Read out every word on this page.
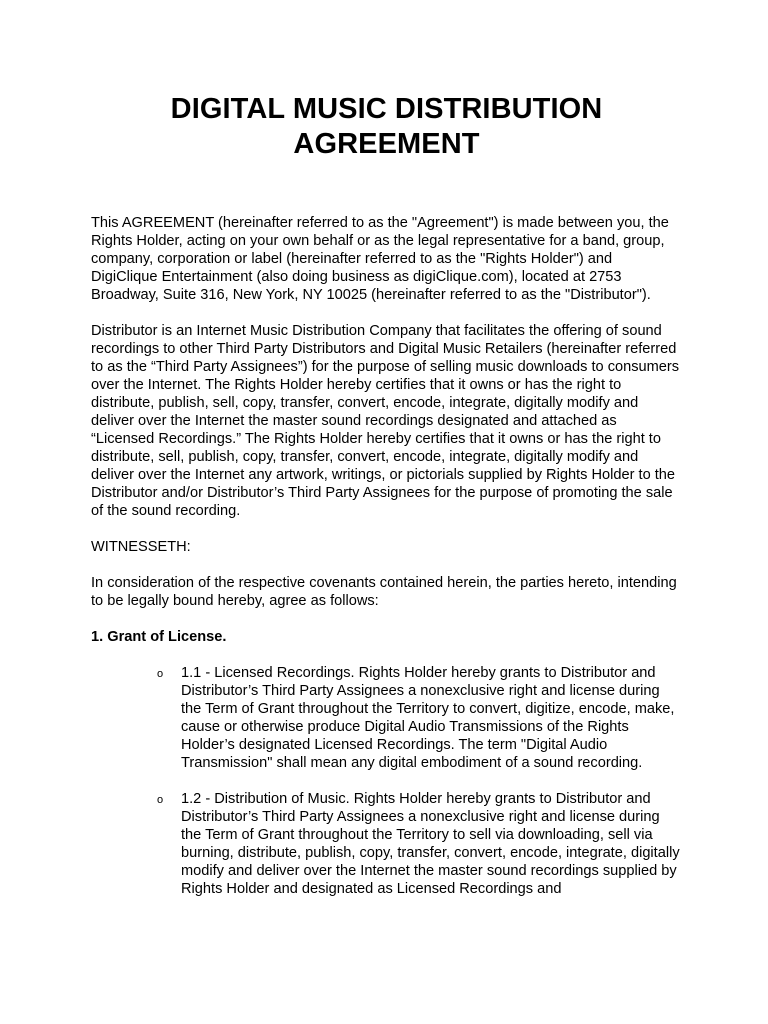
DIGITAL MUSIC DISTRIBUTION
AGREEMENT

This AGREEMENT (hereinafter referred to as the "Agreement") is made between you, the Rights Holder, acting on your own behalf or as the legal representative for a band, group, company, corporation or label (hereinafter referred to as the "Rights Holder") and DigiClique Entertainment (also doing business as digiClique.com), located at 2753 Broadway, Suite 316, New York, NY 10025 (hereinafter referred to as the "Distributor").

Distributor is an Internet Music Distribution Company that facilitates the offering of sound recordings to other Third Party Distributors and Digital Music Retailers (hereinafter referred to as the “Third Party Assignees”) for the purpose of selling music downloads to consumers over the Internet. The Rights Holder hereby certifies that it owns or has the right to distribute, publish, sell, copy, transfer, convert, encode, integrate, digitally modify and deliver over the Internet the master sound recordings designated and attached as “Licensed Recordings.” The Rights Holder hereby certifies that it owns or has the right to distribute, sell, publish, copy, transfer, convert, encode, integrate, digitally modify and deliver over the Internet any artwork, writings, or pictorials supplied by Rights Holder to the Distributor and/or Distributor’s Third Party Assignees for the purpose of promoting the sale of the sound recording.

WITNESSETH:

In consideration of the respective covenants contained herein, the parties hereto, intending to be legally bound hereby, agree as follows:

1. Grant of License.

o 1.1 - Licensed Recordings. Rights Holder hereby grants to Distributor and Distributor’s Third Party Assignees a nonexclusive right and license during the Term of Grant throughout the Territory to convert, digitize, encode, make, cause or otherwise produce Digital Audio Transmissions of the Rights Holder’s designated Licensed Recordings. The term "Digital Audio Transmission" shall mean any digital embodiment of a sound recording.
o 1.2 - Distribution of Music. Rights Holder hereby grants to Distributor and Distributor’s Third Party Assignees a nonexclusive right and license during the Term of Grant throughout the Territory to sell via downloading, sell via burning, distribute, publish, copy, transfer, convert, encode, integrate, digitally modify and deliver over the Internet the master sound recordings supplied by Rights Holder and designated as Licensed Recordings and
